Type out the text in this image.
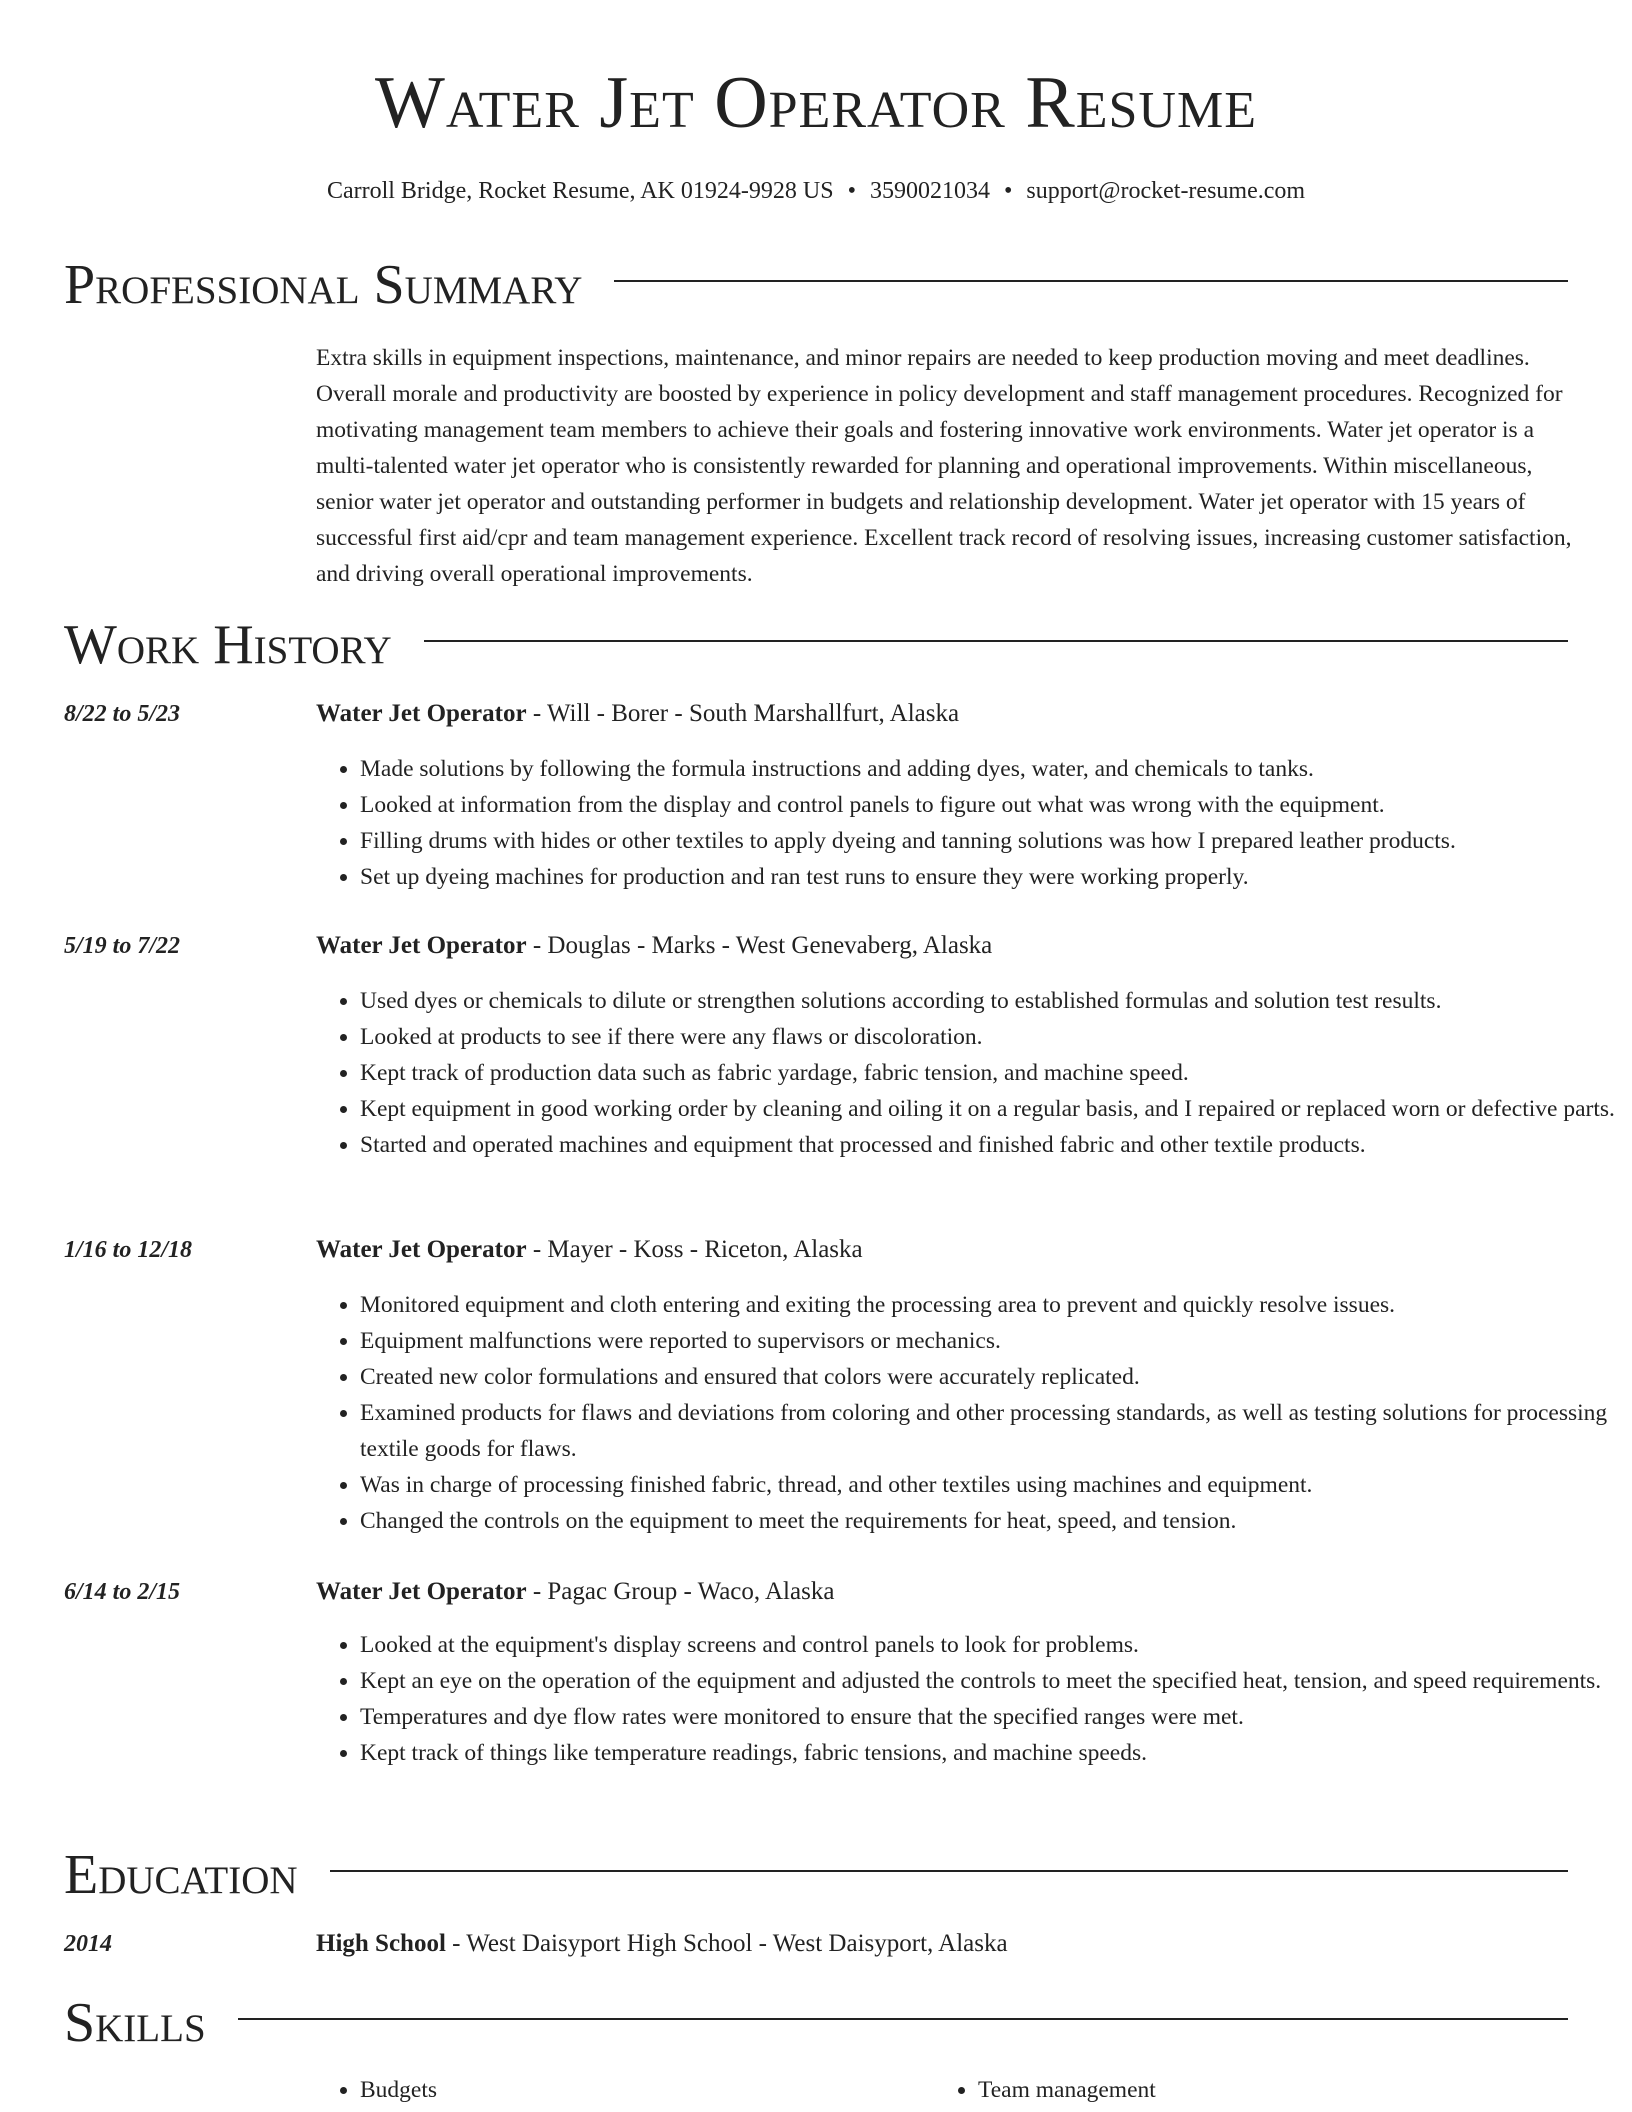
Water Jet Operator Resume
Carroll Bridge, Rocket Resume, AK 01924-9928 US • 3590021034 • support@rocket-resume.com
Professional Summary
Extra skills in equipment inspections, maintenance, and minor repairs are needed to keep production moving and meet deadlines. Overall morale and productivity are boosted by experience in policy development and staff management procedures. Recognized for motivating management team members to achieve their goals and fostering innovative work environments. Water jet operator is a multi-talented water jet operator who is consistently rewarded for planning and operational improvements. Within miscellaneous, senior water jet operator and outstanding performer in budgets and relationship development. Water jet operator with 15 years of successful first aid/cpr and team management experience. Excellent track record of resolving issues, increasing customer satisfaction, and driving overall operational improvements.
Work History
8/22 to 5/23	Water Jet Operator - Will - Borer - South Marshallfurt, Alaska
• Made solutions by following the formula instructions and adding dyes, water, and chemicals to tanks.
• Looked at information from the display and control panels to figure out what was wrong with the equipment.
• Filling drums with hides or other textiles to apply dyeing and tanning solutions was how I prepared leather products.
• Set up dyeing machines for production and ran test runs to ensure they were working properly.
5/19 to 7/22	Water Jet Operator - Douglas - Marks - West Genevaberg, Alaska
• Used dyes or chemicals to dilute or strengthen solutions according to established formulas and solution test results.
• Looked at products to see if there were any flaws or discoloration.
• Kept track of production data such as fabric yardage, fabric tension, and machine speed.
• Kept equipment in good working order by cleaning and oiling it on a regular basis, and I repaired or replaced worn or defective parts.
• Started and operated machines and equipment that processed and finished fabric and other textile products.
1/16 to 12/18	Water Jet Operator - Mayer - Koss - Riceton, Alaska
• Monitored equipment and cloth entering and exiting the processing area to prevent and quickly resolve issues.
• Equipment malfunctions were reported to supervisors or mechanics.
• Created new color formulations and ensured that colors were accurately replicated.
• Examined products for flaws and deviations from coloring and other processing standards, as well as testing solutions for processing textile goods for flaws.
• Was in charge of processing finished fabric, thread, and other textiles using machines and equipment.
• Changed the controls on the equipment to meet the requirements for heat, speed, and tension.
6/14 to 2/15	Water Jet Operator - Pagac Group - Waco, Alaska
• Looked at the equipment's display screens and control panels to look for problems.
• Kept an eye on the operation of the equipment and adjusted the controls to meet the specified heat, tension, and speed requirements.
• Temperatures and dye flow rates were monitored to ensure that the specified ranges were met.
• Kept track of things like temperature readings, fabric tensions, and machine speeds.
Education
2014	High School - West Daisyport High School - West Daisyport, Alaska
Skills
• Budgets
•	Team management
